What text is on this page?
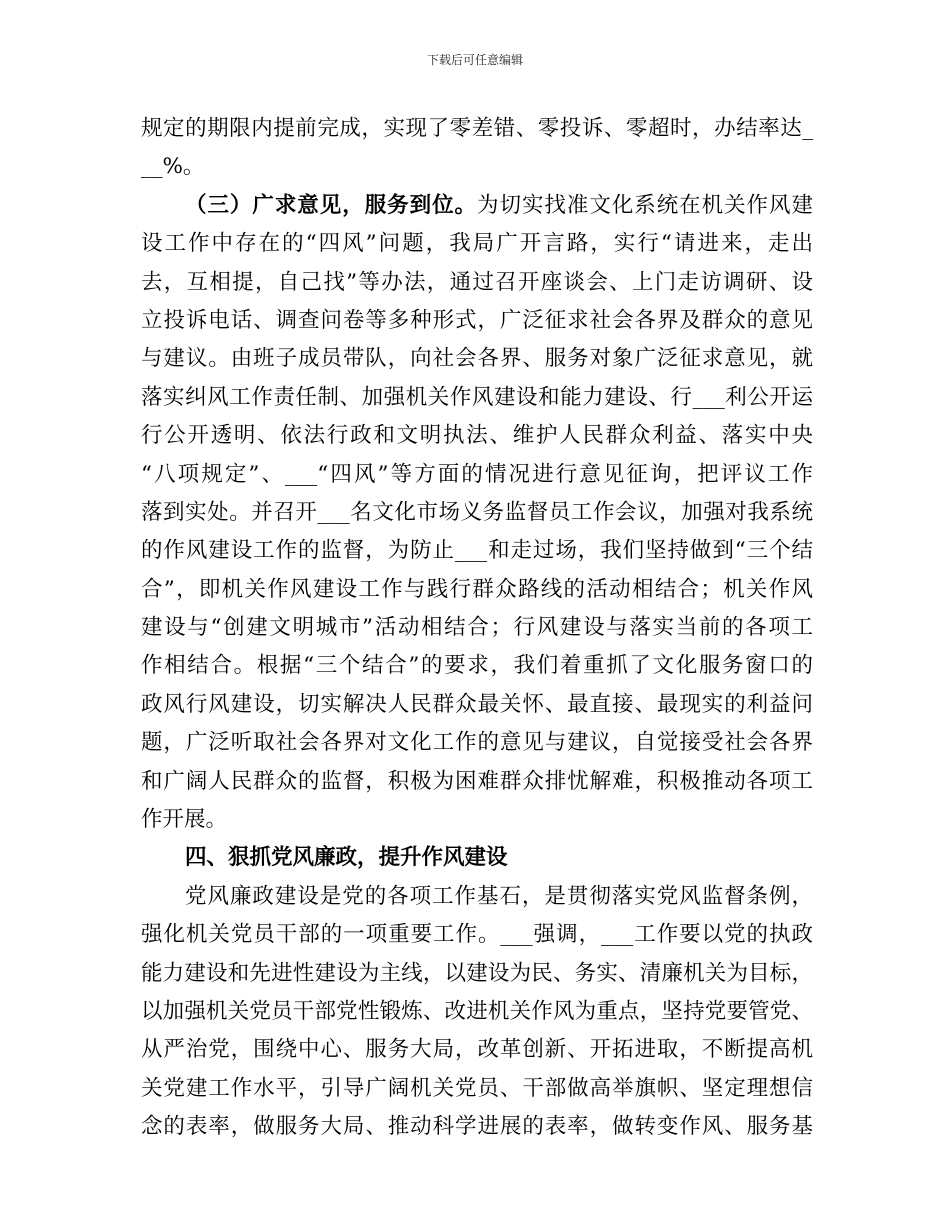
下载后可任意编辑
规定的期限内提前完成，实现了零差错、零投诉、零超时，办结率达_
__%。
（三）广求意见，服务到位。为切实找准文化系统在机关作风建
设工作中存在的“四风”问题，我局广开言路，实行“请进来，走出
去，互相提，自己找”等办法，通过召开座谈会、上门走访调研、设
立投诉电话、调查问卷等多种形式，广泛征求社会各界及群众的意见
与建议。由班子成员带队，向社会各界、服务对象广泛征求意见，就
落实纠风工作责任制、加强机关作风建设和能力建设、行___利公开运
行公开透明、依法行政和文明执法、维护人民群众利益、落实中央
“八项规定”、___“四风”等方面的情况进行意见征询，把评议工作
落到实处。并召开___名文化市场义务监督员工作会议，加强对我系统
的作风建设工作的监督，为防止___和走过场，我们坚持做到“三个结
合”，即机关作风建设工作与践行群众路线的活动相结合；机关作风
建设与“创建文明城市”活动相结合；行风建设与落实当前的各项工
作相结合。根据“三个结合”的要求，我们着重抓了文化服务窗口的
政风行风建设，切实解决人民群众最关怀、最直接、最现实的利益问
题，广泛听取社会各界对文化工作的意见与建议，自觉接受社会各界
和广阔人民群众的监督，积极为困难群众排忧解难，积极推动各项工
作开展。
四、狠抓党风廉政，提升作风建设
党风廉政建设是党的各项工作基石，是贯彻落实党风监督条例，
强化机关党员干部的一项重要工作。___强调，___工作要以党的执政
能力建设和先进性建设为主线，以建设为民、务实、清廉机关为目标，
以加强机关党员干部党性锻炼、改进机关作风为重点，坚持党要管党、
从严治党，围绕中心、服务大局，改革创新、开拓进取，不断提高机
关党建工作水平，引导广阔机关党员、干部做高举旗帜、坚定理想信
念的表率，做服务大局、推动科学进展的表率，做转变作风、服务基
